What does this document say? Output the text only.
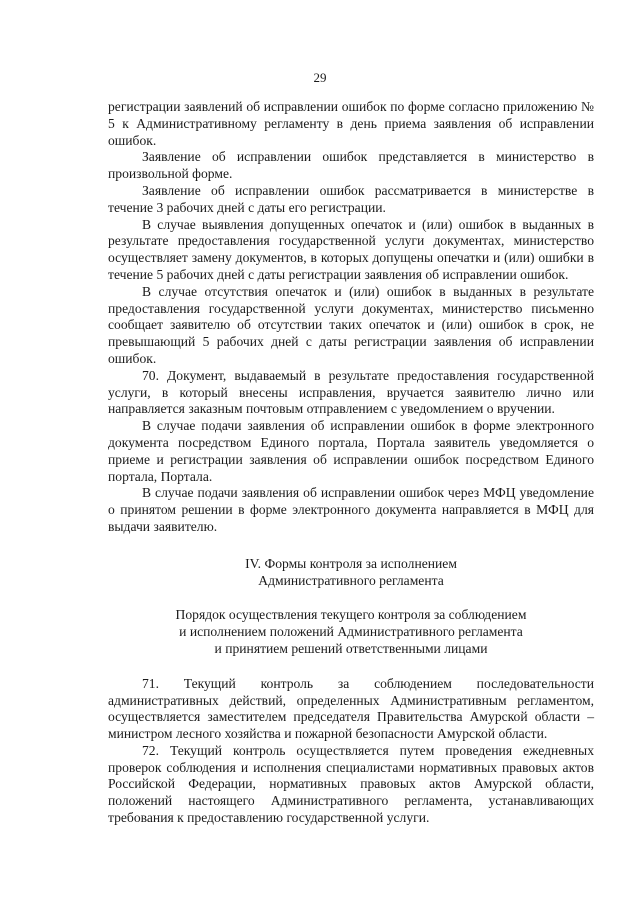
29

регистрации заявлений об исправлении ошибок по форме согласно приложению № 5 к Административному регламенту в день приема заявления об исправлении ошибок.

Заявление об исправлении ошибок представляется в министерство в произвольной форме.

Заявление об исправлении ошибок рассматривается в министерстве в течение 3 рабочих дней с даты его регистрации.

В случае выявления допущенных опечаток и (или) ошибок в выданных в результате предоставления государственной услуги документах, министерство осуществляет замену документов, в которых допущены опечатки и (или) ошибки в течение 5 рабочих дней с даты регистрации заявления об исправлении ошибок.

В случае отсутствия опечаток и (или) ошибок в выданных в результате предоставления государственной услуги документах, министерство письменно сообщает заявителю об отсутствии таких опечаток и (или) ошибок в срок, не превышающий 5 рабочих дней с даты регистрации заявления об исправлении ошибок.

70. Документ, выдаваемый в результате предоставления государственной услуги, в который внесены исправления, вручается заявителю лично или направляется заказным почтовым отправлением с уведомлением о вручении.

В случае подачи заявления об исправлении ошибок в форме электронного документа посредством Единого портала, Портала заявитель уведомляется о приеме и регистрации заявления об исправлении ошибок посредством Единого портала, Портала.

В случае подачи заявления об исправлении ошибок через МФЦ уведомление о принятом решении в форме электронного документа направляется в МФЦ для выдачи заявителю.

IV. Формы контроля за исполнением
Административного регламента
Порядок осуществления текущего контроля за соблюдением
и исполнением положений Административного регламента
и принятием решений ответственными лицами

71. Текущий контроль за соблюдением последовательности административных действий, определенных Административным регламентом, осуществляется заместителем председателя Правительства Амурской области – министром лесного хозяйства и пожарной безопасности Амурской области.

72. Текущий контроль осуществляется путем проведения ежедневных проверок соблюдения и исполнения специалистами нормативных правовых актов Российской Федерации, нормативных правовых актов Амурской области, положений настоящего Административного регламента, устанавливающих требования к предоставлению государственной услуги.
